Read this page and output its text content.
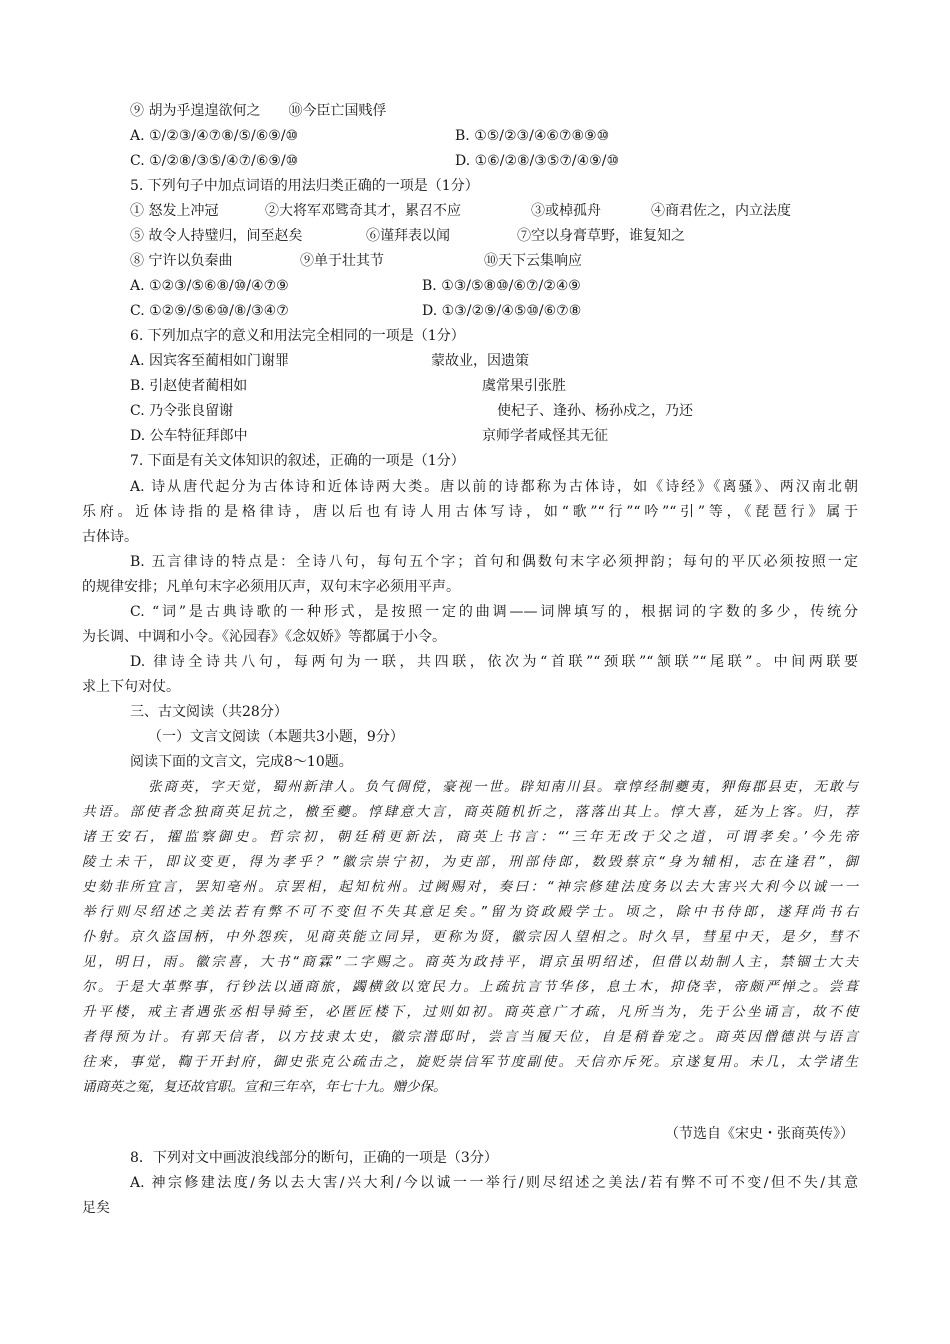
⑨ 胡为乎遑遑欲何之　　⑩今臣亡国贱俘
A. ①/②③/④⑦⑧/⑤/⑥⑨/⑩	B. ①⑤/②③/④⑥⑦⑧⑨⑩
C. ①/②⑧/③⑤/④⑦/⑥⑨/⑩	D. ①⑥/②⑧/③⑤⑦/④⑨/⑩
5. 下列句子中加点词语的用法归类正确的一项是（1分）
① 怒发上冲冠	②大将军邓骘奇其才，累召不应	③或棹孤舟	④商君佐之，内立法度
⑤ 故令人持璧归，间至赵矣	⑥谨拜表以闻	⑦空以身膏草野，谁复知之
⑧ 宁许以负秦曲	⑨单于壮其节	⑩天下云集响应
A. ①②③/⑤⑥⑧/⑩/④⑦⑨	B. ①③/⑤⑧⑩/⑥⑦/②④⑨
C. ①②⑨/⑤⑥⑩/⑧/③④⑦	D. ①③/②⑨/④⑤⑩/⑥⑦⑧
6. 下列加点字的意义和用法完全相同的一项是（1分）
A. 因宾客至蔺相如门谢罪	蒙故业，因遗策
B. 引赵使者蔺相如	虞常果引张胜
C. 乃令张良留谢	使杞子、逢孙、杨孙戍之，乃还
D. 公车特征拜郎中	京师学者咸怪其无征
7. 下面是有关文体知识的叙述，正确的一项是（1分）
A. 诗从唐代起分为古体诗和近体诗两大类。唐以前的诗都称为古体诗，如《诗经》《离骚》、两汉南北朝
乐府。近体诗指的是格律诗，唐以后也有诗人用古体写诗，如“歌”“行”“吟”“引”等，《琵琶行》属于
古体诗。
B. 五言律诗的特点是：全诗八句，每句五个字；首句和偶数句末字必须押韵；每句的平仄必须按照一定
的规律安排；凡单句末字必须用仄声，双句末字必须用平声。
C. “词”是古典诗歌的一种形式，是按照一定的曲调——词牌填写的，根据词的字数的多少，传统分
为长调、中调和小令。《沁园春》《念奴娇》等都属于小令。
D. 律诗全诗共八句，每两句为一联，共四联，依次为“首联”“颈联”“颔联”“尾联”。中间两联要
求上下句对仗。
三、古文阅读（共28分）
（一）文言文阅读（本题共3小题，9分）
阅读下面的文言文，完成8～10题。
张商英，字天觉，蜀州新津人。负气倜傥，豪视一世。辟知南川县。章惇经制夔夷，狎侮郡县吏，无敢与
共语。部使者念独商英足抗之，檄至夔。惇肆意大言，商英随机折之，落落出其上。惇大喜，延为上客。归，荐
诸王安石，擢监察御史。哲宗初，朝廷稍更新法，商英上书言：“‘三年无改于父之道，可谓孝矣。’今先帝
陵土未干，即议变更，得为孝乎？”徽宗崇宁初，为吏部，刑部侍郎，数毁蔡京“身为辅相，志在逢君”，御
史劾非所宜言，罢知亳州。京罢相，起知杭州。过阙赐对，奏曰：“神宗修建法度务以去大害兴大利今以诚一一
举行则尽绍述之美法若有弊不可不变但不失其意足矣。”留为资政殿学士。顷之，除中书侍郎，遂拜尚书右
仆射。京久盗国柄，中外怨疾，见商英能立同异，更称为贤，徽宗因人望相之。时久旱，彗星中天，是夕，彗不
见，明日，雨。徽宗喜，大书“商霖”二字赐之。商英为政持平，谓京虽明绍述，但借以劫制人主，禁锢士大夫
尔。于是大革弊事，行钞法以通商旅，蠲横敛以宽民力。上疏抗言节华侈，息土木，抑侥幸，帝颇严惮之。尝葺
升平楼，戒主者遇张丞相导骑至，必匿匠楼下，过则如初。商英意广才疏，凡所当为，先于公坐诵言，故不使
者得预为计。有郭天信者，以方技隶太史，徽宗潜邸时，尝言当履天位，自是稍眷宠之。商英因僧德洪与语言
往来，事觉，鞫于开封府，御史张克公疏击之，旋贬崇信军节度副使。天信亦斥死。京遂复用。未几，太学诸生
诵商英之冤，复还故官职。宣和三年卒，年七十九。赠少保。
（节选自《宋史・张商英传》）
8．下列对文中画波浪线部分的断句，正确的一项是（3分）
A. 神宗修建法度/务以去大害/兴大利/今以诚一一举行/则尽绍述之美法/若有弊不可不变/但不失/其意
足矣
